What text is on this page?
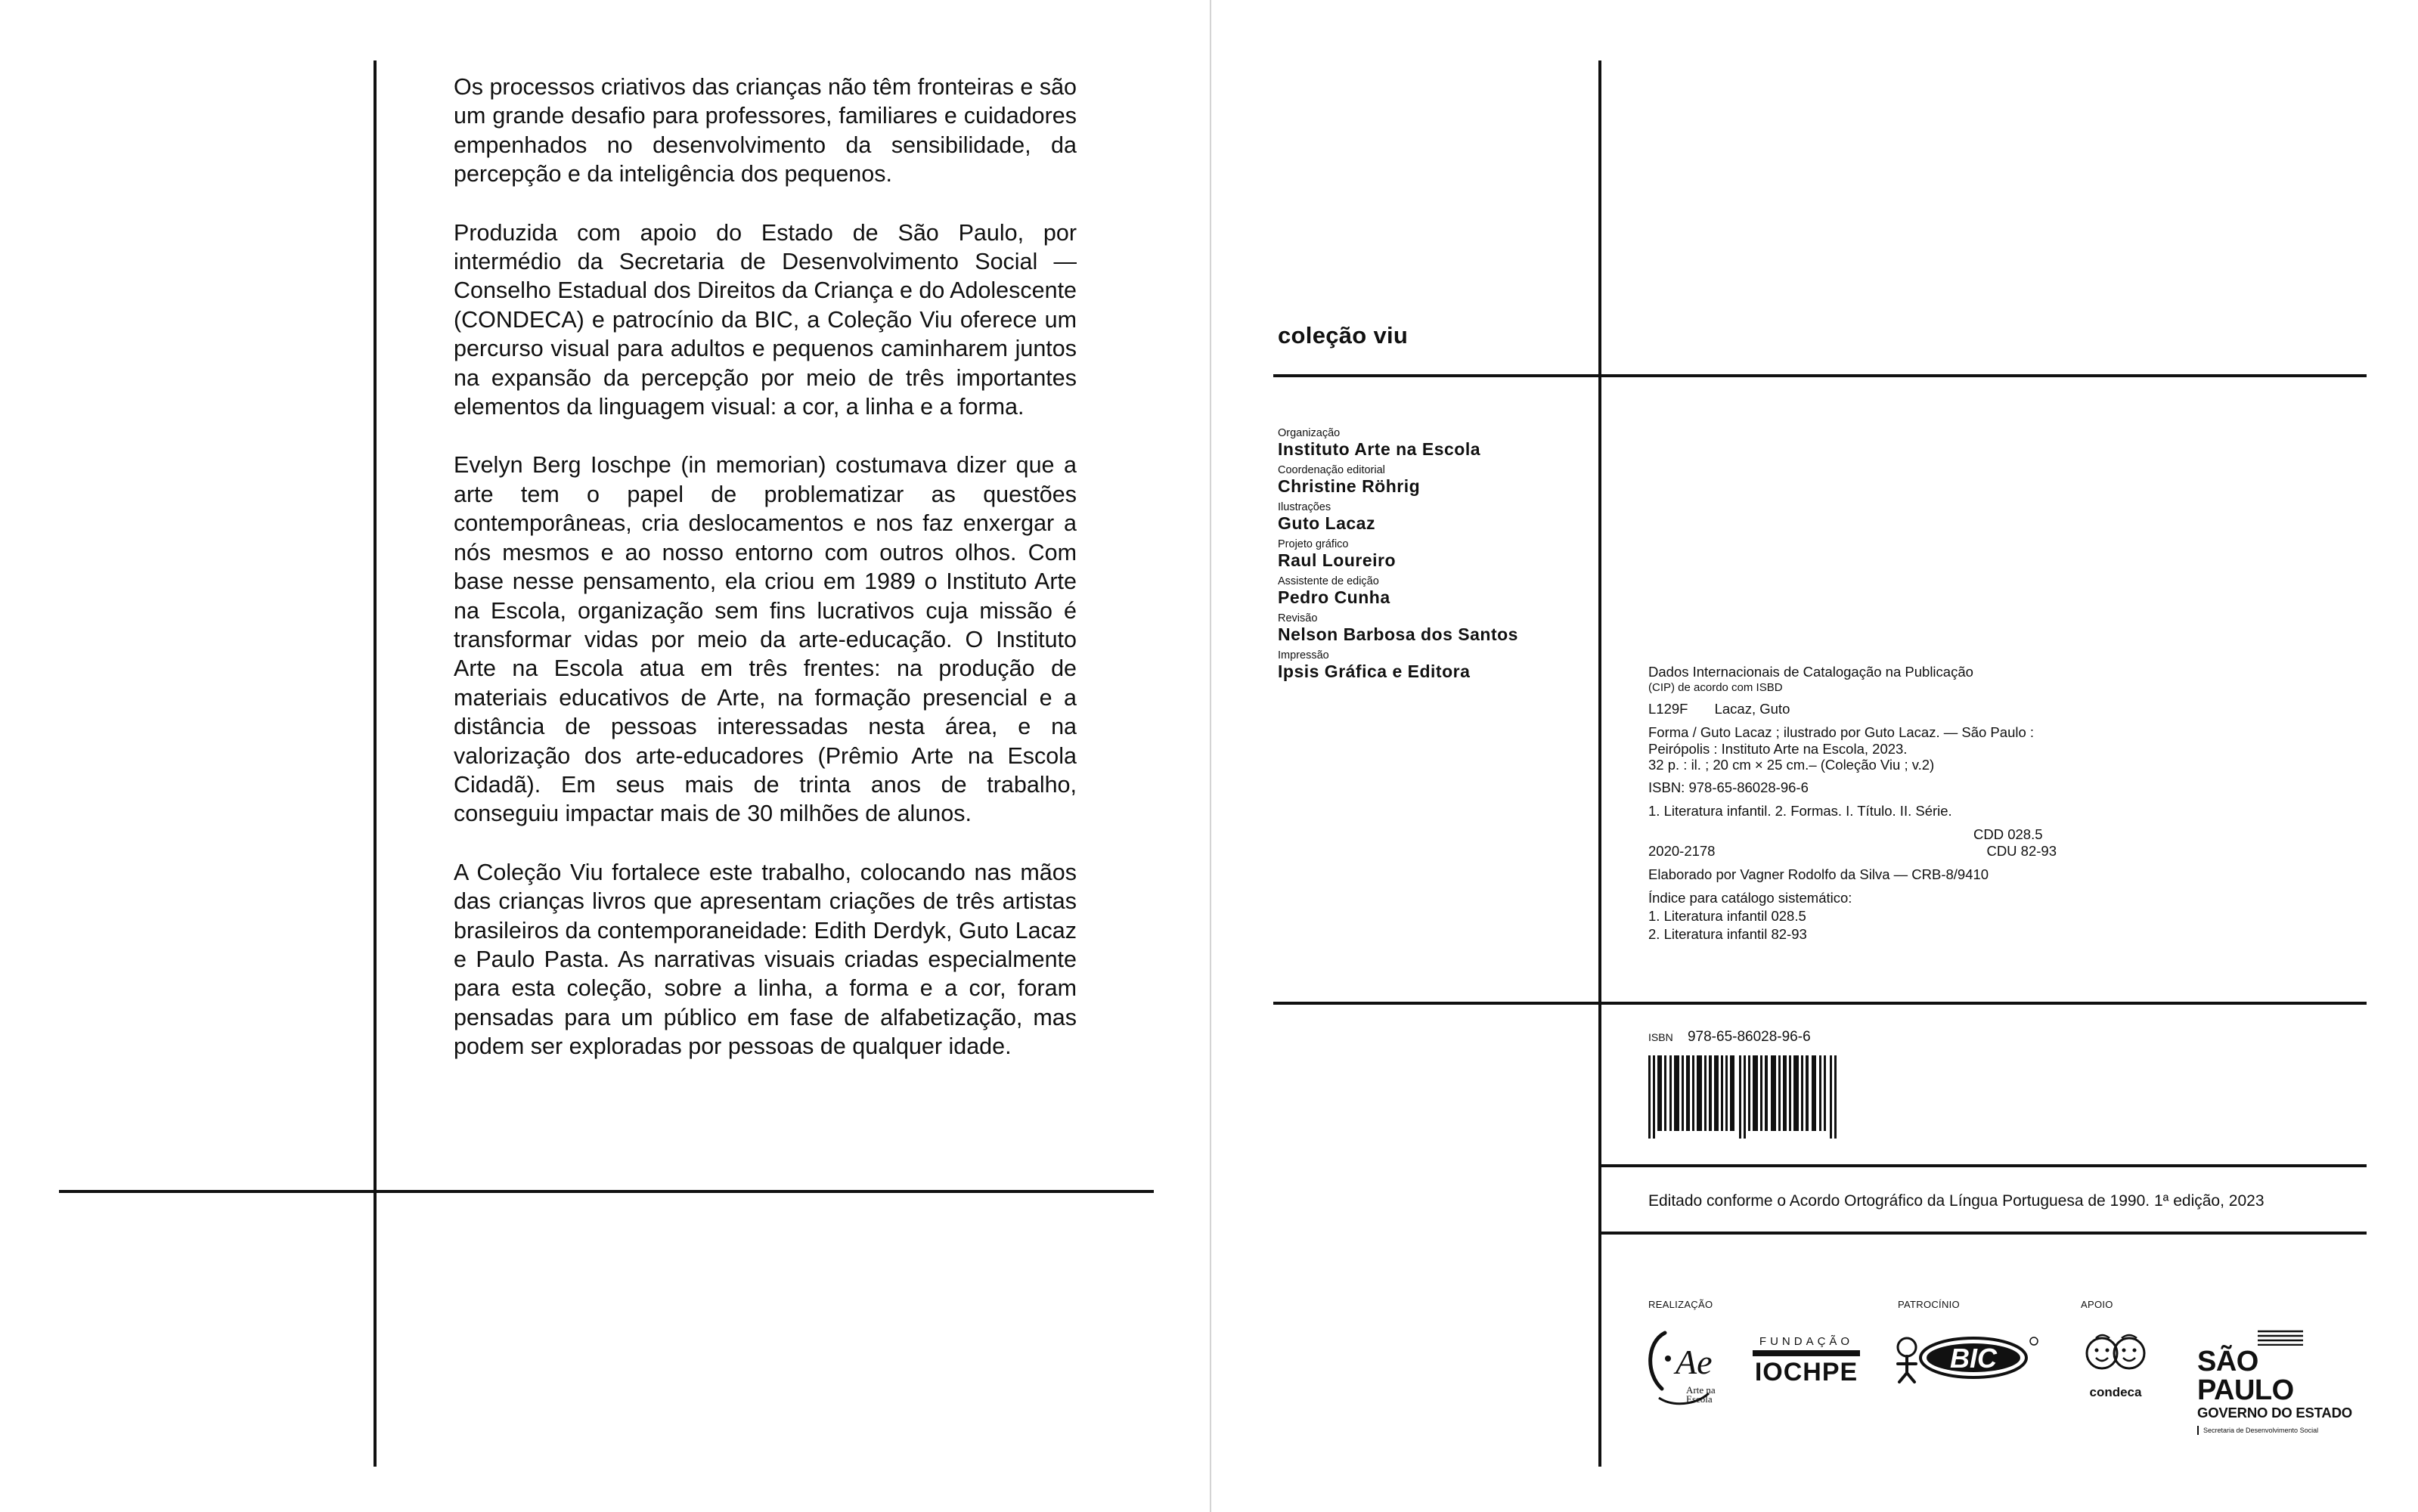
Os processos criativos das crianças não têm fronteiras e são um grande desafio para professores, familiares e cuidadores empenhados no desenvolvimento da sensibilidade, da percepção e da inteligência dos pequenos.

Produzida com apoio do Estado de São Paulo, por intermédio da Secretaria de Desenvolvimento Social — Conselho Estadual dos Direitos da Criança e do Adolescente (CONDECA) e patrocínio da BIC, a Coleção Viu oferece um percurso visual para adultos e pequenos caminharem juntos na expansão da percepção por meio de três importantes elementos da linguagem visual: a cor, a linha e a forma.

Evelyn Berg Ioschpe (in memorian) costumava dizer que a arte tem o papel de problematizar as questões contemporâneas, cria deslocamentos e nos faz enxergar a nós mesmos e ao nosso entorno com outros olhos. Com base nesse pensamento, ela criou em 1989 o Instituto Arte na Escola, organização sem fins lucrativos cuja missão é transformar vidas por meio da arte-educação. O Instituto Arte na Escola atua em três frentes: na produção de materiais educativos de Arte, na formação presencial e a distância de pessoas interessadas nesta área, e na valorização dos arte-educadores (Prêmio Arte na Escola Cidadã). Em seus mais de trinta anos de trabalho, conseguiu impactar mais de 30 milhões de alunos.

A Coleção Viu fortalece este trabalho, colocando nas mãos das crianças livros que apresentam criações de três artistas brasileiros da contemporaneidade: Edith Derdyk, Guto Lacaz e Paulo Pasta. As narrativas visuais criadas especialmente para esta coleção, sobre a linha, a forma e a cor, foram pensadas para um público em fase de alfabetização, mas podem ser exploradas por pessoas de qualquer idade.

coleção viu
Organização
Instituto Arte na Escola
Coordenação editorial
Christine Röhrig
Ilustrações
Guto Lacaz
Projeto gráfico
Raul Loureiro
Assistente de edição
Pedro Cunha
Revisão
Nelson Barbosa dos Santos
Impressão
Ipsis Gráfica e Editora	Dados Internacionais de Catalogação na Publicação
(CIP) de acordo com ISBD
L129F Lacaz, Guto
Forma / Guto Lacaz ; ilustrado por Guto Lacaz. — São Paulo :
Peirópolis : Instituto Arte na Escola, 2023.
32 p. : il. ; 20 cm × 25 cm.– (Coleção Viu ; v.2)
ISBN: 978-65-86028-96-6
1. Literatura infantil. 2. Formas. I. Título. II. Série.
CDD 028.5
2020-2178	CDU 82-93
Elaborado por Vagner Rodolfo da Silva — CRB-8/9410
Índice para catálogo sistemático:
1. Literatura infantil 028.5
2. Literatura infantil 82-93
ISBN 978-65-86028-96-6
Editado conforme o Acordo Ortográfico da Língua Portuguesa de 1990. 1ª edição, 2023
REALIZAÇÃO	PATROCÍNIO	APOIO
Ae
Arte na Escola
FUNDAÇÃO
IOCHPE	BIC
condeca
SÃO PAULO
GOVERNO DO ESTADO
Secretaria de Desenvolvimento Social
